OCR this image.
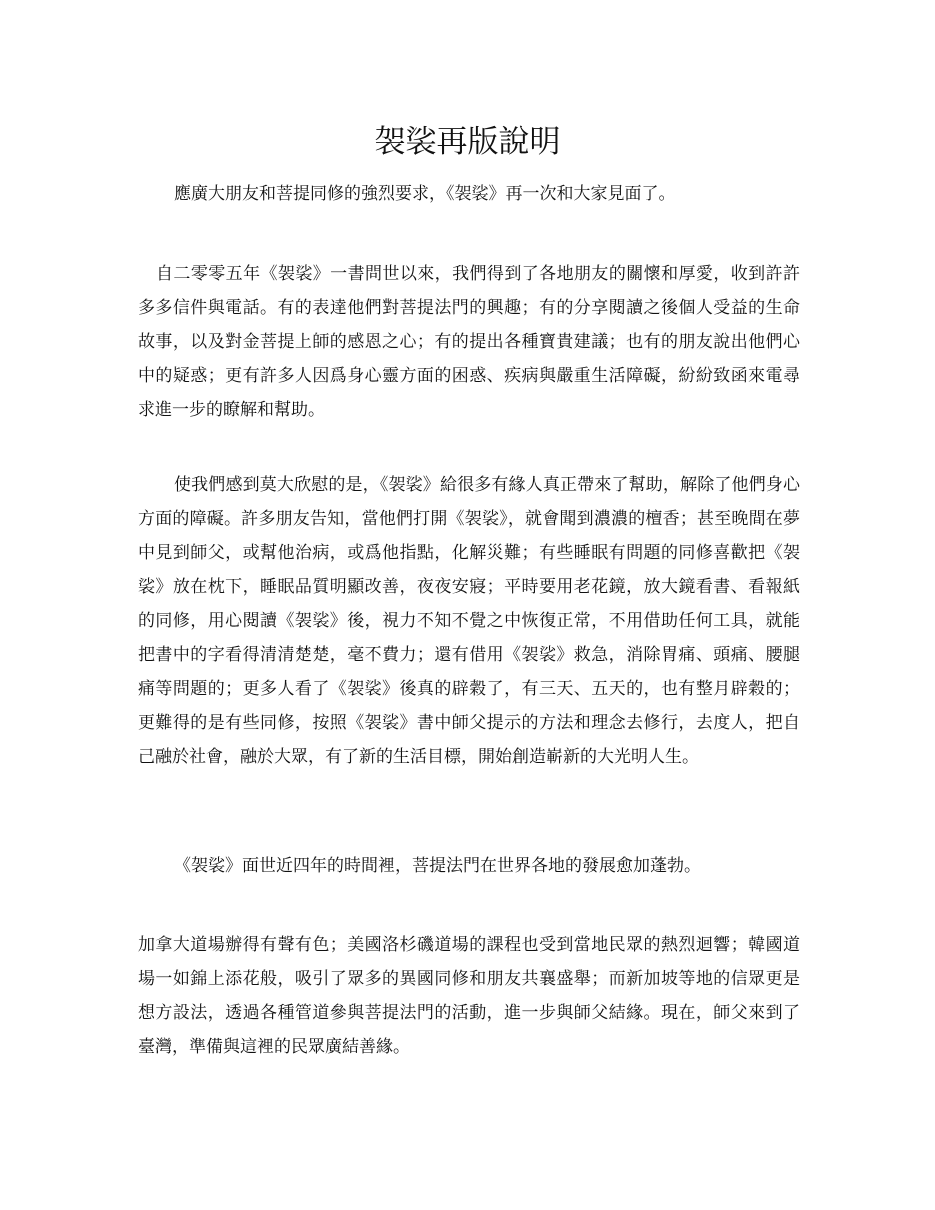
袈裟再版說明

應廣大朋友和菩提同修的強烈要求，《袈裟》再一次和大家見面了。

自二零零五年《袈裟》一書問世以來，我們得到了各地朋友的關懷和厚愛，收到許許多多信件與電話。有的表達他們對菩提法門的興趣；有的分享閱讀之後個人受益的生命故事，以及對金菩提上師的感恩之心；有的提出各種寶貴建議；也有的朋友說出他們心中的疑惑；更有許多人因爲身心靈方面的困惑、疾病與嚴重生活障礙，紛紛致函來電尋求進一步的瞭解和幫助。

使我們感到莫大欣慰的是，《袈裟》給很多有緣人真正帶來了幫助，解除了他們身心方面的障礙。許多朋友告知，當他們打開《袈裟》，就會聞到濃濃的檀香；甚至晚間在夢中見到師父，或幫他治病，或爲他指點，化解災難；有些睡眠有問題的同修喜歡把《袈裟》放在枕下，睡眠品質明顯改善，夜夜安寢；平時要用老花鏡，放大鏡看書、看報紙的同修，用心閱讀《袈裟》後，視力不知不覺之中恢復正常，不用借助任何工具，就能把書中的字看得清清楚楚，毫不費力；還有借用《袈裟》救急，消除胃痛、頭痛、腰腿痛等問題的；更多人看了《袈裟》後真的辟穀了，有三天、五天的，也有整月辟穀的；更難得的是有些同修，按照《袈裟》書中師父提示的方法和理念去修行，去度人，把自己融於社會，融於大眾，有了新的生活目標，開始創造嶄新的大光明人生。

《袈裟》面世近四年的時間裡，菩提法門在世界各地的發展愈加蓬勃。

加拿大道場辦得有聲有色；美國洛杉磯道場的課程也受到當地民眾的熱烈迴響；韓國道場一如錦上添花般，吸引了眾多的異國同修和朋友共襄盛舉；而新加坡等地的信眾更是想方設法，透過各種管道參與菩提法門的活動，進一步與師父結緣。現在，師父來到了臺灣，準備與這裡的民眾廣結善緣。
